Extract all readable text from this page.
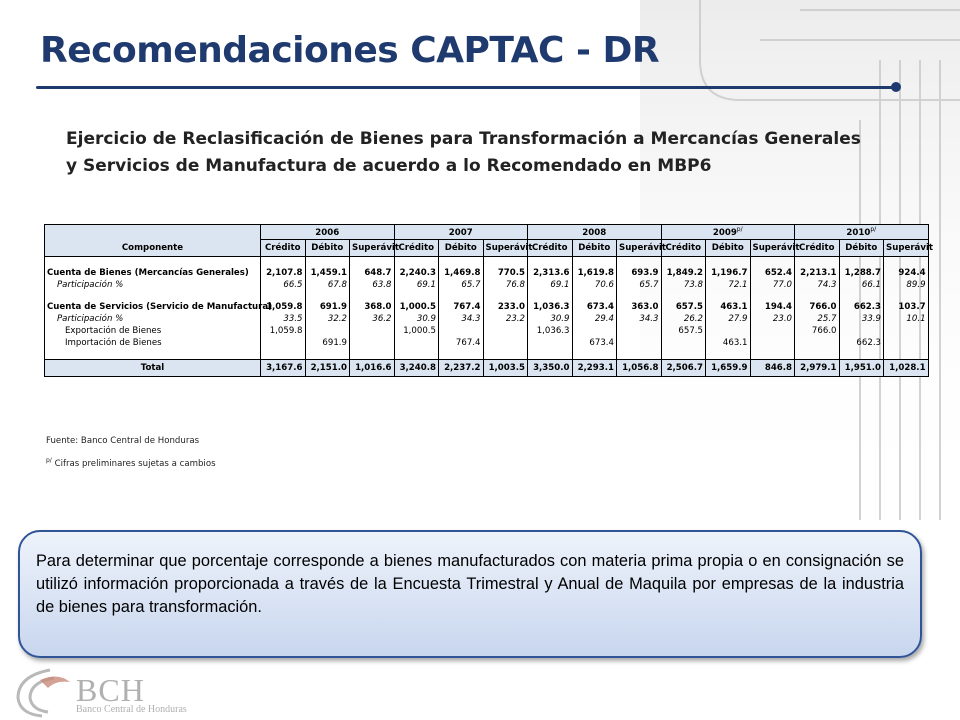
Recomendaciones CAPTAC - DR
Ejercicio de Reclasificación de Bienes para Transformación a Mercancías Generales
y Servicios de Manufactura de acuerdo a lo Recomendado en MBP6
	2006			2007			2008			$2009^{p/}$			$2010^{p/}$
Componente	Crédito	Débito	Superávit	Crédito	Débito	Superávit	Crédito	Débito	Superávit	Crédito	Débito	Superávit	Crédito	Débito	Superávit

Cuenta de Bienes (Mercancías Generales)	2,107.8	1,459.1	648.7	2,240.3	1,469.8	770.5	2,313.6	1,619.8	693.9	1,849.2	1,196.7	652.4	2,213.1	1,288.7	924.4
Participación %	66.5	67.8	63.8	69.1	65.7	76.8	69.1	70.6	65.7	73.8	72.1	77.0	74.3	66.1	89.9

Cuenta de Servicios (Servicio de Manufactura)	1,059.8	691.9	368.0	1,000.5	767.4	233.0	1,036.3	673.4	363.0	657.5	463.1	194.4	766.0	662.3	103.7
Participación %	33.5	32.2	36.2	30.9	34.3	23.2	30.9	29.4	34.3	26.2	27.9	23.0	25.7	33.9	10.1
Exportación de Bienes	1,059.8			1,000.5			1,036.3			657.5			766.0		
Importación de Bienes		691.9			767.4			673.4			463.1			662.3	

Total	3,167.6	2,151.0	1,016.6	3,240.8	2,237.2	1,003.5	3,350.0	2,293.1	1,056.8	2,506.7	1,659.9	846.8	2,979.1	1,951.0	1,028.1
Fuente: Banco Central de Honduras
$^{p/}$ Cifras preliminares sujetas a cambios
Para determinar que porcentaje corresponde a bienes manufacturados con materia prima propia o en consignación se utilizó información proporcionada a través de la Encuesta Trimestral y Anual de Maquila por empresas de la industria de bienes para transformación.
BCH
Banco Central de Honduras
